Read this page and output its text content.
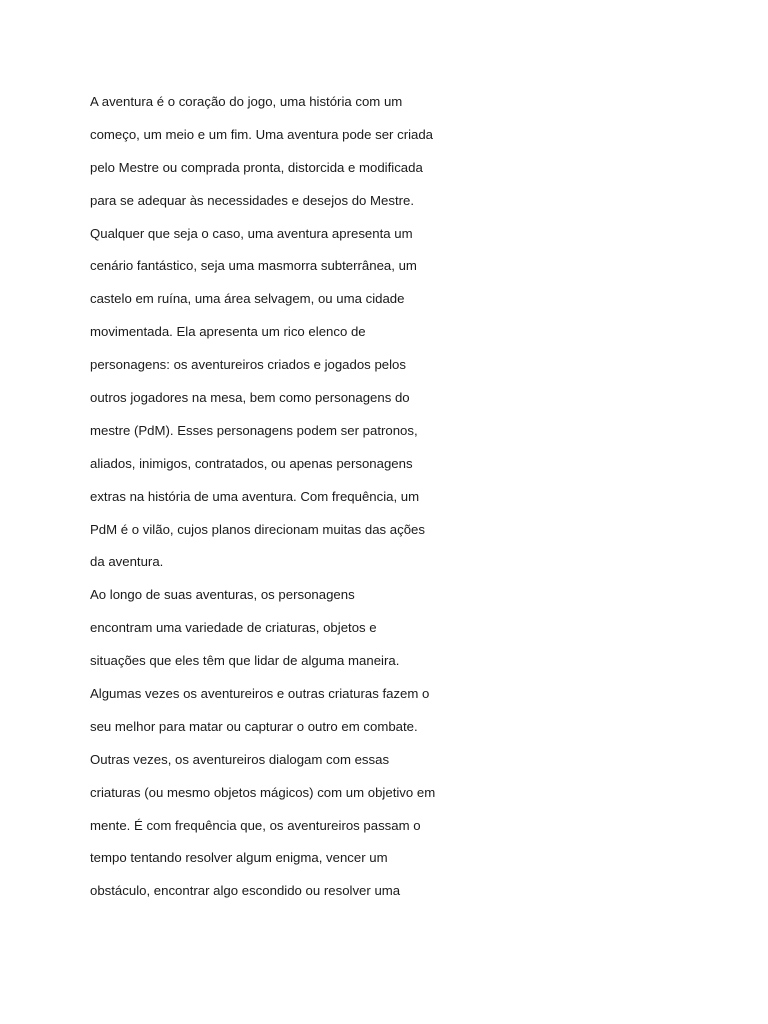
A aventura é o coração do jogo, uma história com um
começo, um meio e um fim. Uma aventura pode ser criada
pelo Mestre ou comprada pronta, distorcida e modificada
para se adequar às necessidades e desejos do Mestre.
Qualquer que seja o caso, uma aventura apresenta um
cenário fantástico, seja uma masmorra subterrânea, um
castelo em ruína, uma área selvagem, ou uma cidade
movimentada. Ela apresenta um rico elenco de
personagens: os aventureiros criados e jogados pelos
outros jogadores na mesa, bem como personagens do
mestre (PdM). Esses personagens podem ser patronos,
aliados, inimigos, contratados, ou apenas personagens
extras na história de uma aventura. Com frequência, um
PdM é o vilão, cujos planos direcionam muitas das ações
da aventura.
Ao longo de suas aventuras, os personagens
encontram uma variedade de criaturas, objetos e
situações que eles têm que lidar de alguma maneira.
Algumas vezes os aventureiros e outras criaturas fazem o
seu melhor para matar ou capturar o outro em combate.
Outras vezes, os aventureiros dialogam com essas
criaturas (ou mesmo objetos mágicos) com um objetivo em
mente. É com frequência que, os aventureiros passam o
tempo tentando resolver algum enigma, vencer um
obstáculo, encontrar algo escondido ou resolver uma
